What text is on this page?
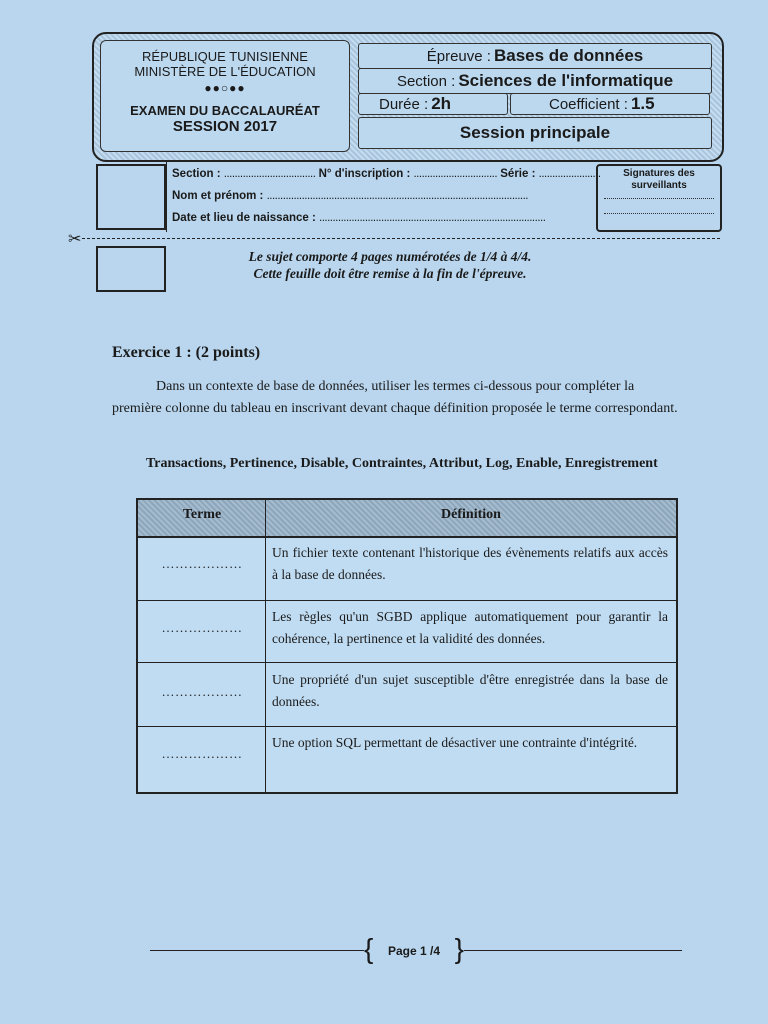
RÉPUBLIQUE TUNISIENNE
MINISTÈRE DE L'ÉDUCATION
●●○●●
EXAMEN DU BACCALAURÉAT
SESSION 2017
Épreuve : Bases de données
Section : Sciences de l'informatique
Durée : 2h	Coefficient : 1.5
Session principale
Section : .................................. N° d'inscription : ............................... Série : .......................
Nom et prénom : .................................................................................................
Date et lieu de naissance : ....................................................................................
Signatures des surveillants
✂
Le sujet comporte 4 pages numérotées de 1/4 à 4/4.
Cette feuille doit être remise à la fin de l'épreuve.
Exercice 1 : (2 points)
Dans un contexte de base de données, utiliser les termes ci-dessous pour compléter la première colonne du tableau en inscrivant devant chaque définition proposée le terme correspondant.
Transactions, Pertinence, Disable, Contraintes, Attribut, Log, Enable, Enregistrement
Terme	Définition
………………
Un fichier texte contenant l'historique des évènements relatifs aux accès à la base de données.
………………
Les règles qu'un SGBD applique automatiquement pour garantir la cohérence, la pertinence et la validité des données.
………………
Une propriété d'un sujet susceptible d'être enregistrée dans la base de données.
………………
Une option SQL permettant de désactiver une contrainte d'intégrité.
{ Page 1 /4 }
